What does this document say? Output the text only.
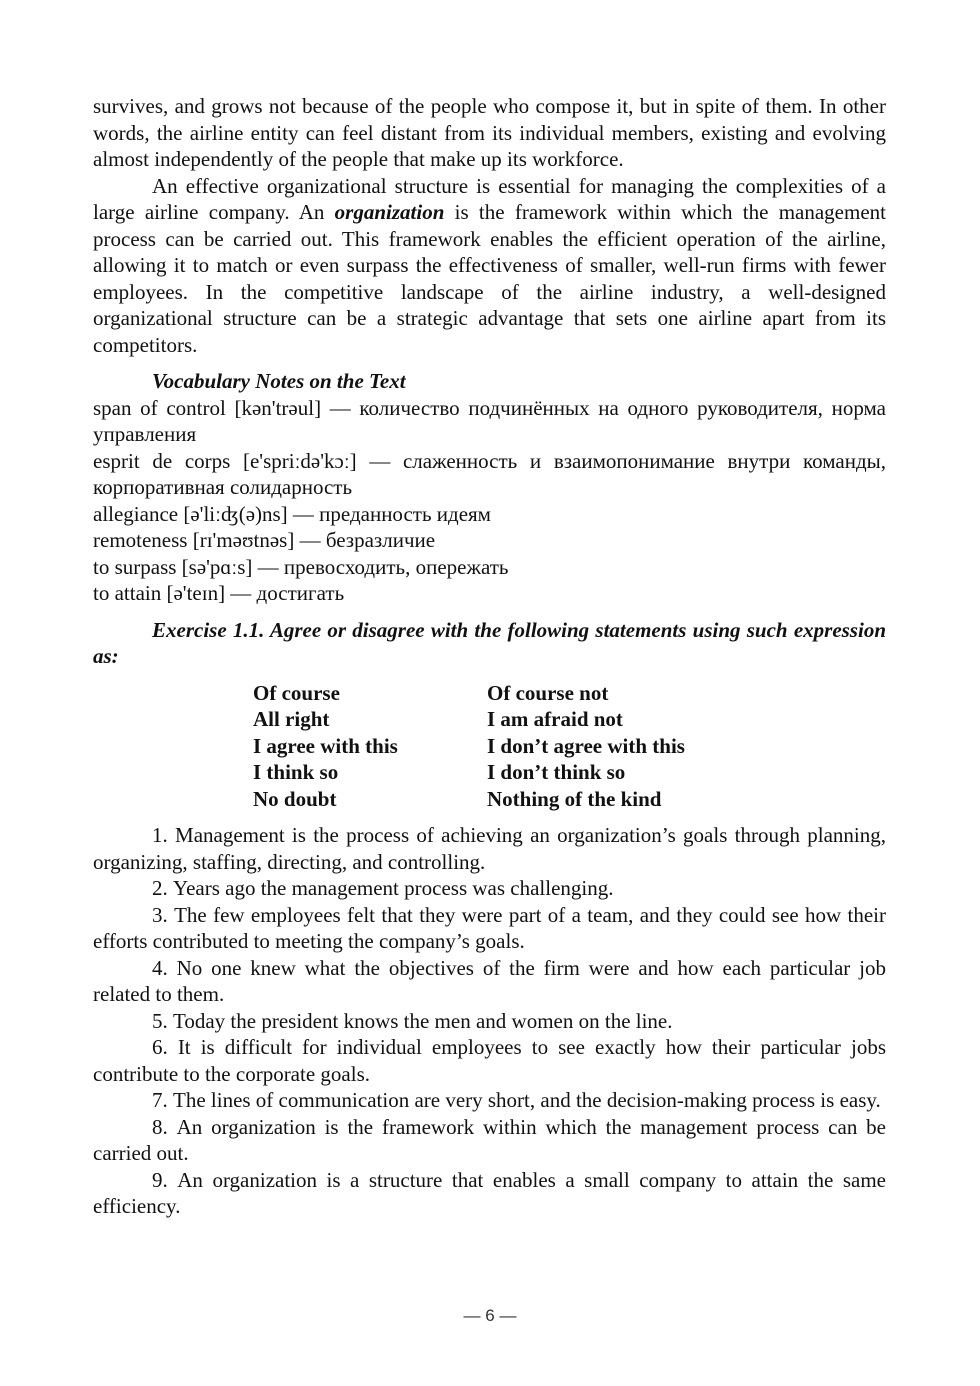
survives, and grows not because of the people who compose it, but in spite of them. In other words, the airline entity can feel distant from its individual members, existing and evolving almost independently of the people that make up its workforce.

An effective organizational structure is essential for managing the complexities of a large airline company. An organization is the framework within which the management process can be carried out. This framework enables the efficient operation of the airline, allowing it to match or even surpass the effectiveness of smaller, well-run firms with fewer employees. In the competitive landscape of the airline industry, a well-designed organizational structure can be a strategic advantage that sets one airline apart from its competitors.

Vocabulary Notes on the Text

span of control [kən'trəul] — количество подчинённых на одного руководителя, норма управления

esprit de corps [e'spriːdə'kɔː] — слаженность и взаимопонимание внутри команды, корпоративная солидарность

allegiance [ə'liːʤ(ə)ns] — преданность идеям

remoteness [rɪ'məʊtnəs] — безразличие

to surpass [sə'pɑːs] — превосходить, опережать

to attain [ə'teɪn] — достигать

Exercise 1.1. Agree or disagree with the following statements using such expression as:

Of course	Of course not
All right	I am afraid not
I agree with this	I don’t agree with this
I think so	I don’t think so
No doubt	Nothing of the kind

1. Management is the process of achieving an organization’s goals through planning, organizing, staffing, directing, and controlling.

2. Years ago the management process was challenging.

3. The few employees felt that they were part of a team, and they could see how their efforts contributed to meeting the company’s goals.

4. No one knew what the objectives of the firm were and how each particular job related to them.

5. Today the president knows the men and women on the line.

6. It is difficult for individual employees to see exactly how their particular jobs contribute to the corporate goals.

7. The lines of communication are very short, and the decision-making process is easy.

8. An organization is the framework within which the management process can be carried out.

9. An organization is a structure that enables a small company to attain the same efficiency.

— 6 —
